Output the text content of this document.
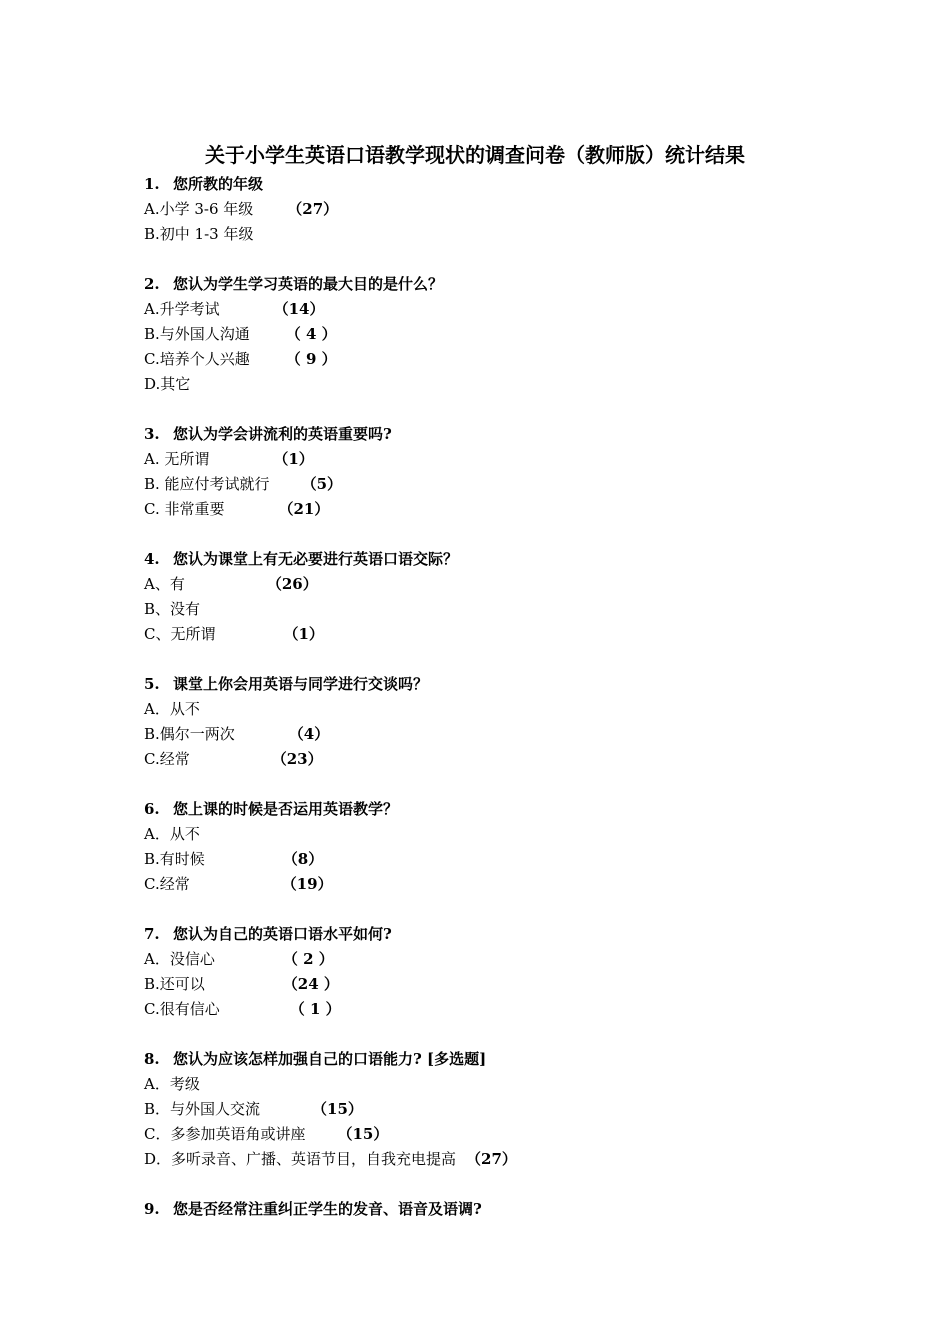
关于小学生英语口语教学现状的调查问卷（教师版）统计结果
1. 您所教的年级
A.小学 3-6 年级 （27）
B.初中 1-3 年级
2. 您认为学生学习英语的最大目的是什么？
A.升学考试	（14）
B.与外国人沟通 （ 4 ）
C.培养个人兴趣 （ 9 ）
D.其它
3. 您认为学会讲流利的英语重要吗?
A. 无所谓	（1）
B. 能应付考试就行 （5）
C. 非常重要	（21）
4. 您认为课堂上有无必要进行英语口语交际？
A、有	（26）
B、没有
C、无所谓	（1）
5. 课堂上你会用英语与同学进行交谈吗？
A．从不
B.偶尔一两次	（4）
C.经常	（23）
6. 您上课的时候是否运用英语教学？
A．从不
B.有时候	（8）
C.经常	（19）
7. 您认为自己的英语口语水平如何?
A．没信心	（ 2 ）
B.还可以	（24 ）
C.很有信心	（ 1 ）
8. 您认为应该怎样加强自己的口语能力? [多选题]
A．考级
B．与外国人交流	（15）
C．多参加英语角或讲座 （15）
D．多听录音、广播、英语节目，自我充电提高 （27）
9. 您是否经常注重纠正学生的发音、语音及语调?
